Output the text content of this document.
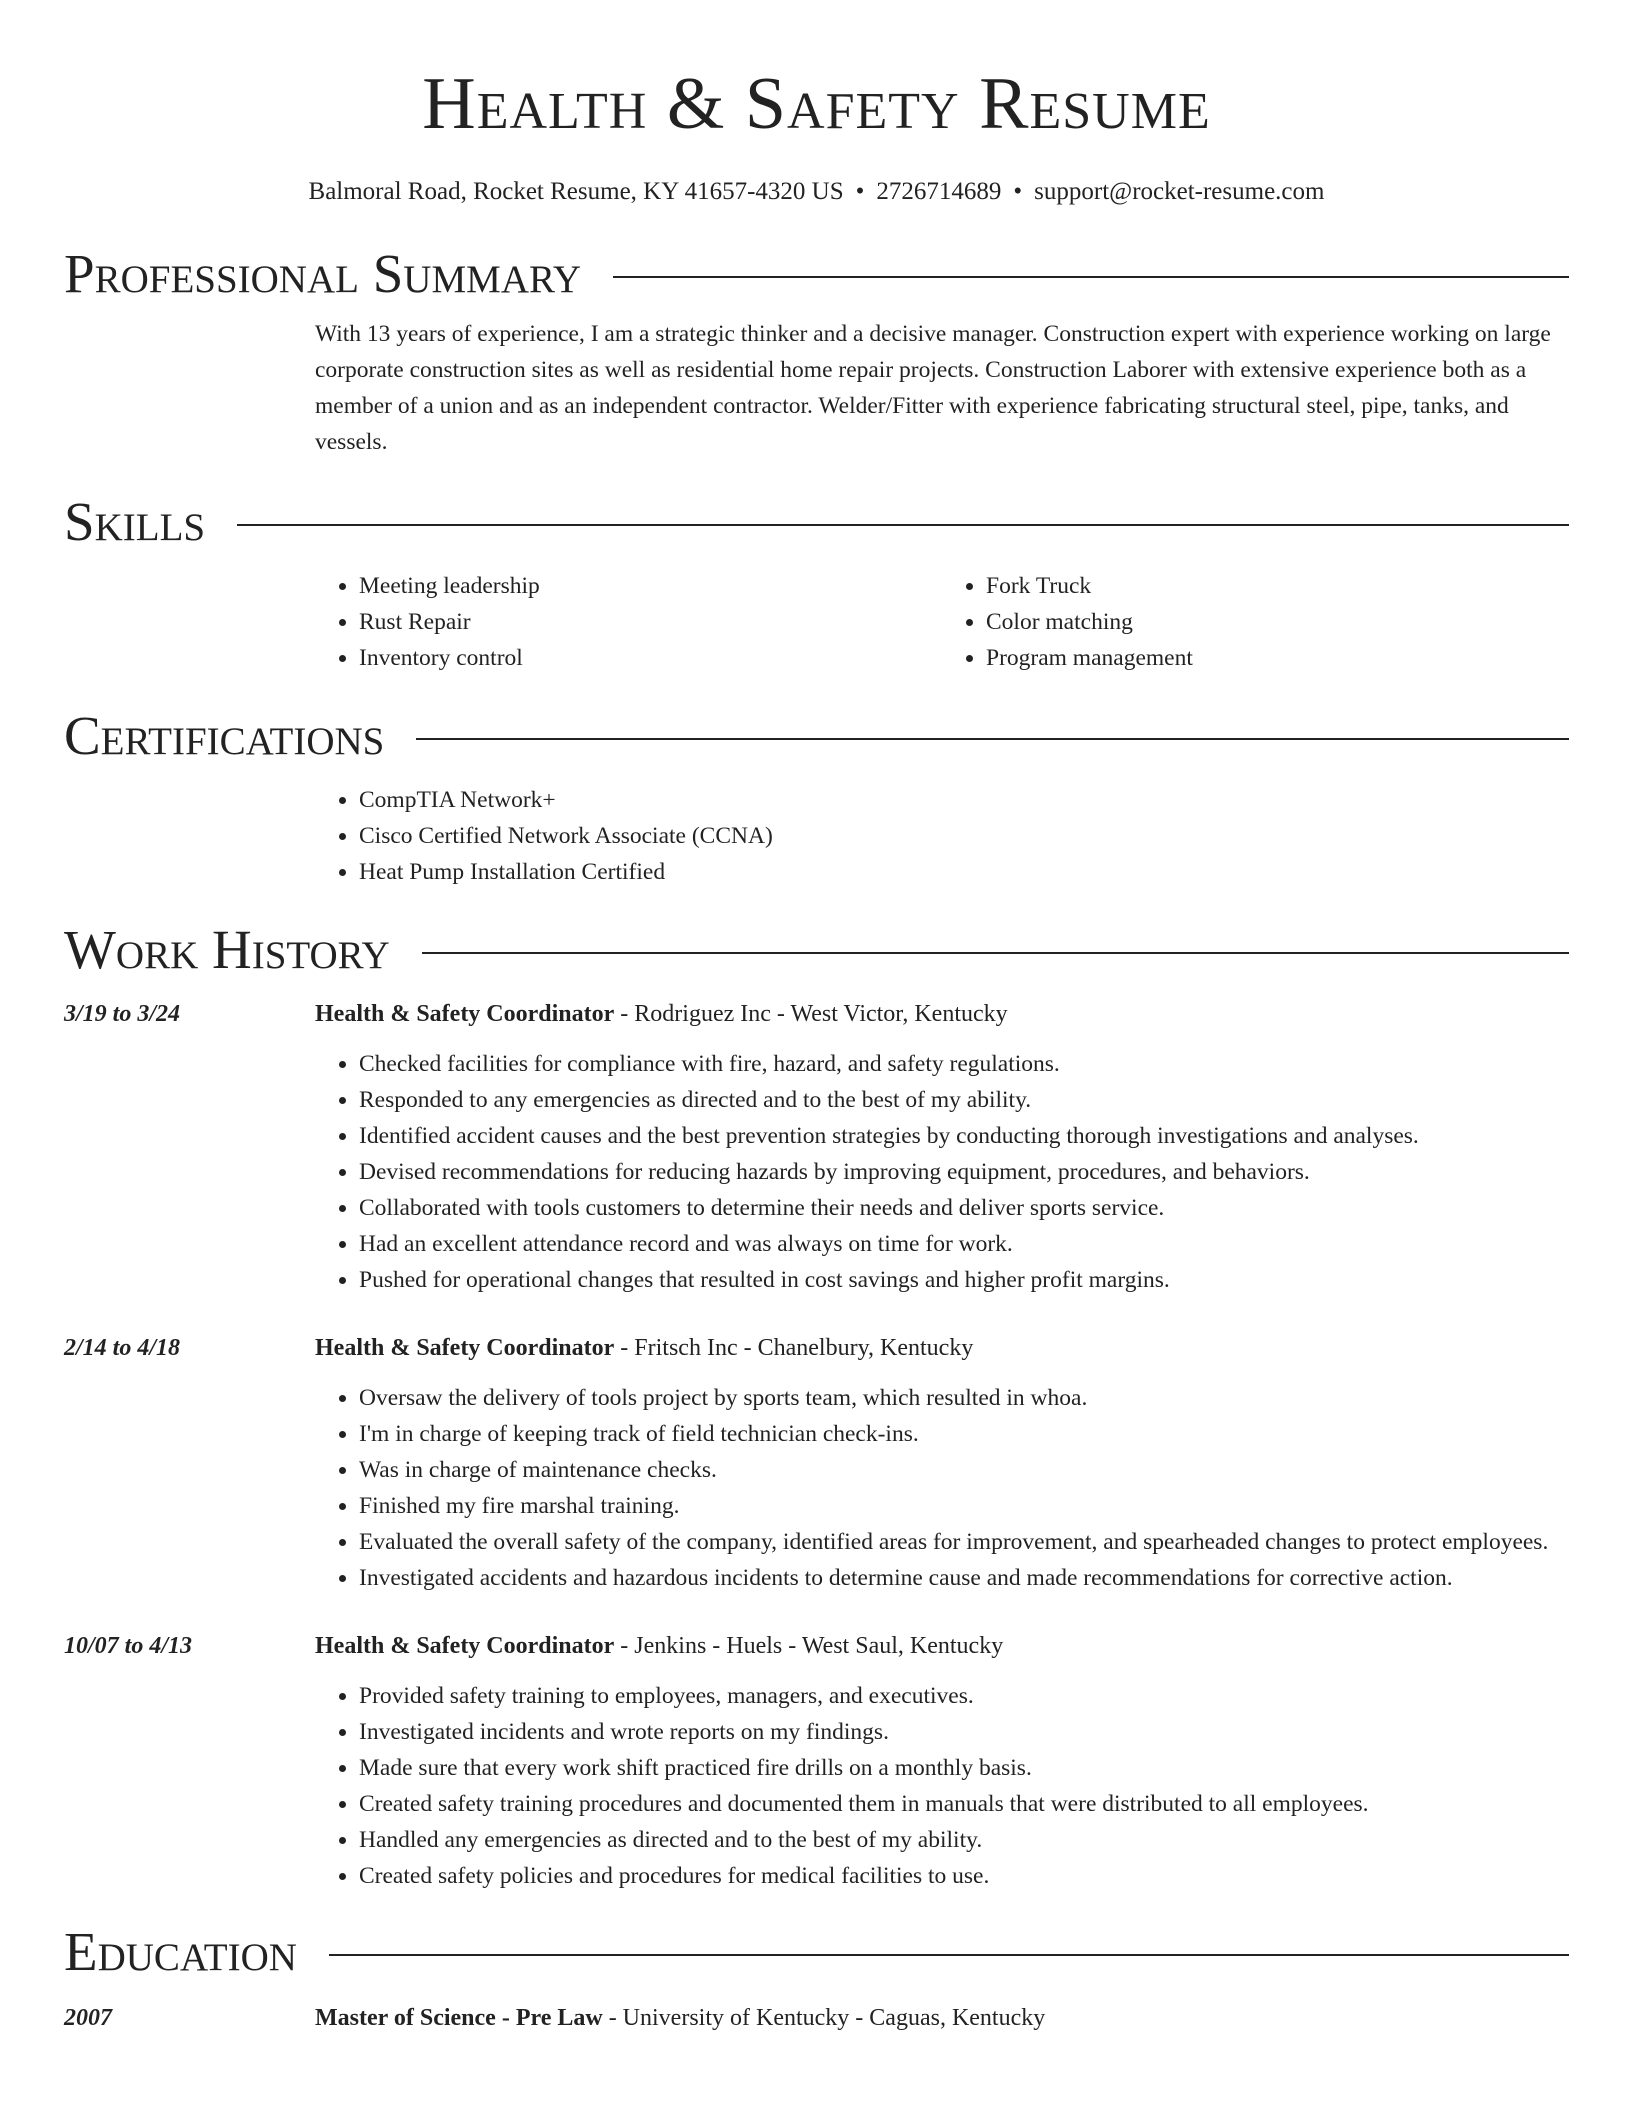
Health & Safety Resume
Balmoral Road, Rocket Resume, KY 41657-4320 US • 2726714689 • support@rocket-resume.com
Professional Summary
With 13 years of experience, I am a strategic thinker and a decisive manager. Construction expert with experience working on large corporate construction sites as well as residential home repair projects. Construction Laborer with extensive experience both as a member of a union and as an independent contractor. Welder/Fitter with experience fabricating structural steel, pipe, tanks, and vessels.
Skills
• Meeting leadership
• Rust Repair
• Inventory control
• Fork Truck
• Color matching
• Program management
Certifications
• CompTIA Network+
• Cisco Certified Network Associate (CCNA)
• Heat Pump Installation Certified
Work History
3/19 to 3/24	Health & Safety Coordinator - Rodriguez Inc - West Victor, Kentucky
• Checked facilities for compliance with fire, hazard, and safety regulations.
• Responded to any emergencies as directed and to the best of my ability.
• Identified accident causes and the best prevention strategies by conducting thorough investigations and analyses.
• Devised recommendations for reducing hazards by improving equipment, procedures, and behaviors.
• Collaborated with tools customers to determine their needs and deliver sports service.
• Had an excellent attendance record and was always on time for work.
• Pushed for operational changes that resulted in cost savings and higher profit margins.
2/14 to 4/18	Health & Safety Coordinator - Fritsch Inc - Chanelbury, Kentucky
• Oversaw the delivery of tools project by sports team, which resulted in whoa.
• I'm in charge of keeping track of field technician check-ins.
• Was in charge of maintenance checks.
• Finished my fire marshal training.
• Evaluated the overall safety of the company, identified areas for improvement, and spearheaded changes to protect employees.
• Investigated accidents and hazardous incidents to determine cause and made recommendations for corrective action.
10/07 to 4/13	Health & Safety Coordinator - Jenkins - Huels - West Saul, Kentucky
• Provided safety training to employees, managers, and executives.
• Investigated incidents and wrote reports on my findings.
• Made sure that every work shift practiced fire drills on a monthly basis.
• Created safety training procedures and documented them in manuals that were distributed to all employees.
• Handled any emergencies as directed and to the best of my ability.
• Created safety policies and procedures for medical facilities to use.
Education
2007	Master of Science - Pre Law - University of Kentucky - Caguas, Kentucky
